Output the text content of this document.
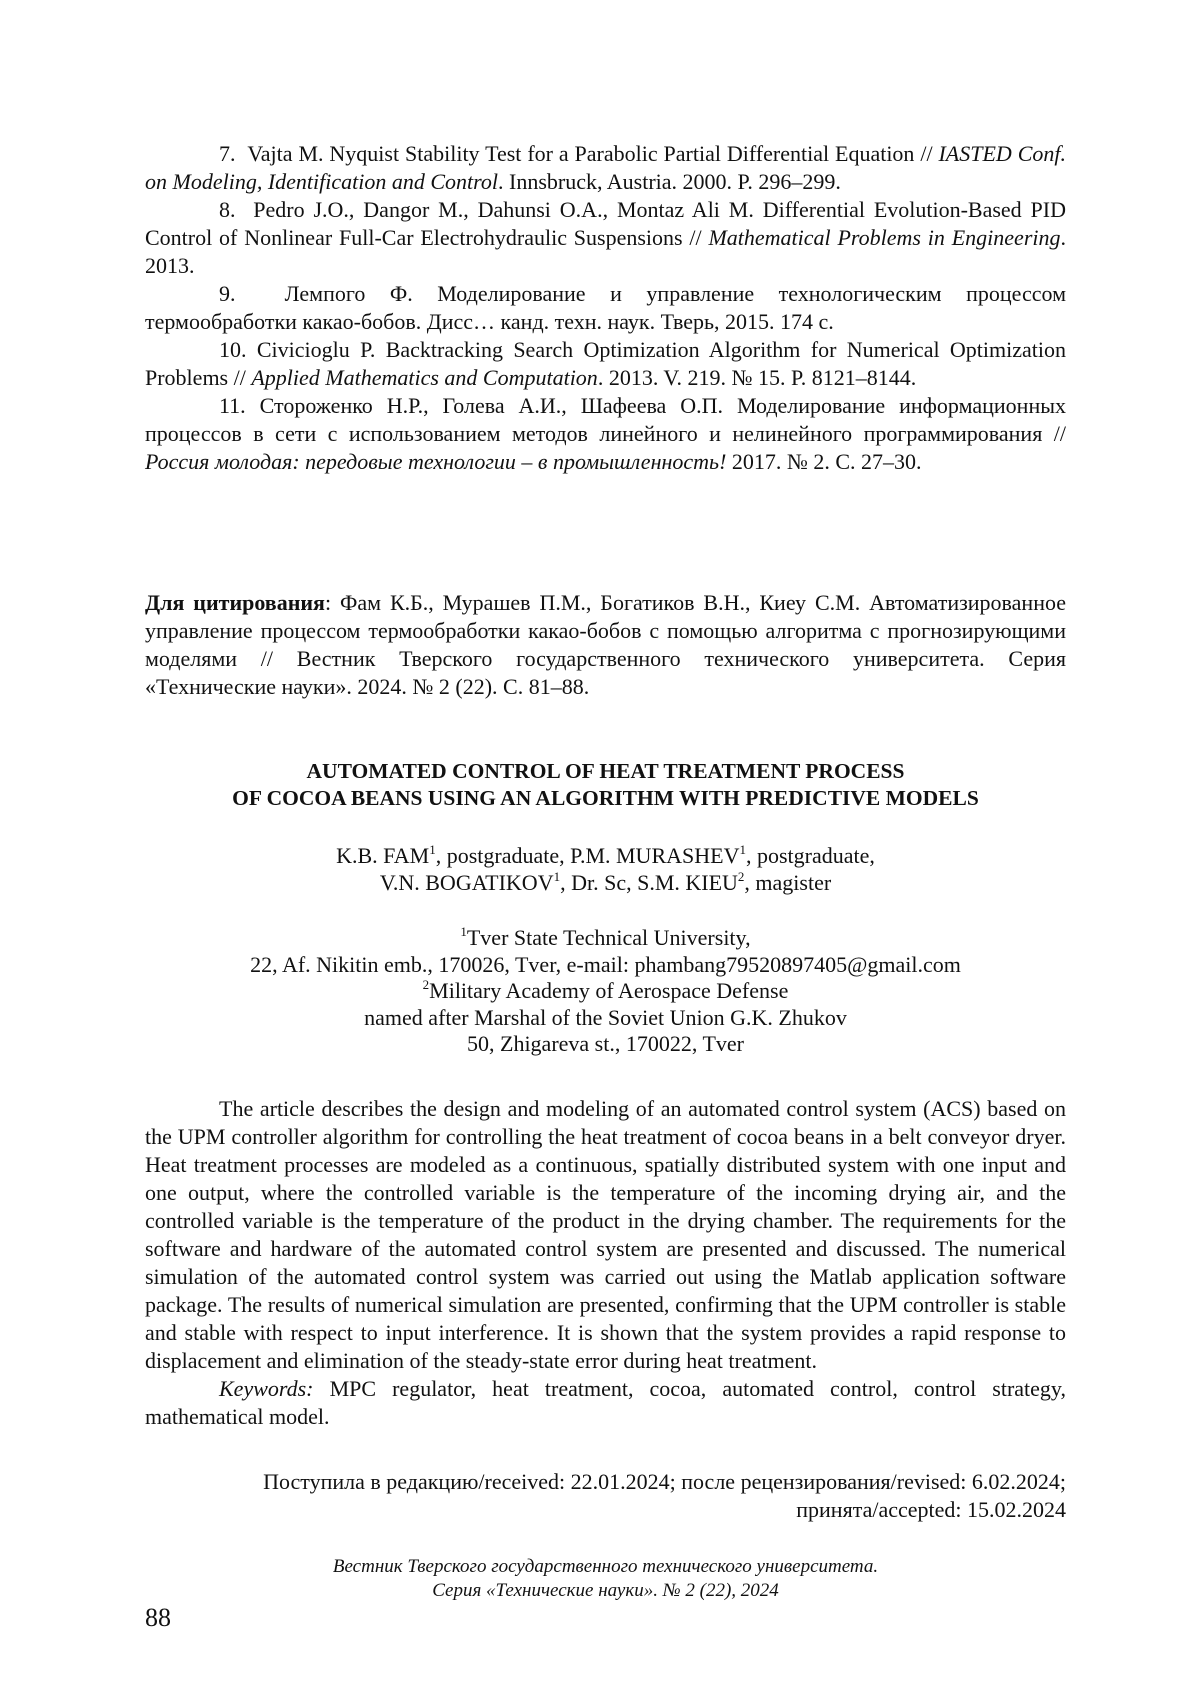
7. Vajta M. Nyquist Stability Test for a Parabolic Partial Differential Equation // IASTED Conf. on Modeling, Identification and Control. Innsbruck, Austria. 2000. P. 296–299.

8. Pedro J.O., Dangor M., Dahunsi O.A., Montaz Ali M. Differential Evolution-Based PID Control of Nonlinear Full-Car Electrohydraulic Suspensions // Mathematical Problems in Engineering. 2013.

9. Лемпого Ф. Моделирование и управление технологическим процессом термообработки какао-бобов. Дисс… канд. техн. наук. Тверь, 2015. 174 с.

10. Civicioglu P. Backtracking Search Optimization Algorithm for Numerical Optimization Problems // Applied Mathematics and Computation. 2013. V. 219. № 15. P. 8121–8144.

11. Стороженко Н.Р., Голева А.И., Шафеева О.П. Моделирование информационных процессов в сети с использованием методов линейного и нелинейного программирования // Россия молодая: передовые технологии – в промышленность! 2017. № 2. С. 27–30.

Для цитирования: Фам К.Б., Мурашев П.М., Богатиков В.Н., Киеу С.М. Автоматизированное управление процессом термообработки какао-бобов с помощью алгоритма с прогнозирующими моделями // Вестник Тверского государственного технического университета. Серия «Технические науки». 2024. № 2 (22). С. 81–88.

AUTOMATED CONTROL OF HEAT TREATMENT PROCESS
OF COCOA BEANS USING AN ALGORITHM WITH PREDICTIVE MODELS
K.B. FAM1, postgraduate, P.M. MURASHEV1, postgraduate,
V.N. BOGATIKOV1, Dr. Sc, S.M. KIEU2, magister
1Tver State Technical University,
22, Af. Nikitin emb., 170026, Tver, e-mail: phambang79520897405@gmail.com
2Military Academy of Aerospace Defense
named after Marshal of the Soviet Union G.K. Zhukov
50, Zhigareva st., 170022, Tver

The article describes the design and modeling of an automated control system (ACS) based on the UPM controller algorithm for controlling the heat treatment of cocoa beans in a belt conveyor dryer. Heat treatment processes are modeled as a continuous, spatially distributed system with one input and one output, where the controlled variable is the temperature of the incoming drying air, and the controlled variable is the temperature of the product in the drying chamber. The requirements for the software and hardware of the automated control system are presented and discussed. The numerical simulation of the automated control system was carried out using the Matlab application software package. The results of numerical simulation are presented, confirming that the UPM controller is stable and stable with respect to input interference. It is shown that the system provides a rapid response to displacement and elimination of the steady-state error during heat treatment.

Keywords: MPC regulator, heat treatment, cocoa, automated control, control strategy, mathematical model.

Поступила в редакцию/received: 22.01.2024; после рецензирования/revised: 6.02.2024;
принята/accepted: 15.02.2024
Вестник Тверского государственного технического университета.
Серия «Технические науки». № 2 (22), 2024
88
